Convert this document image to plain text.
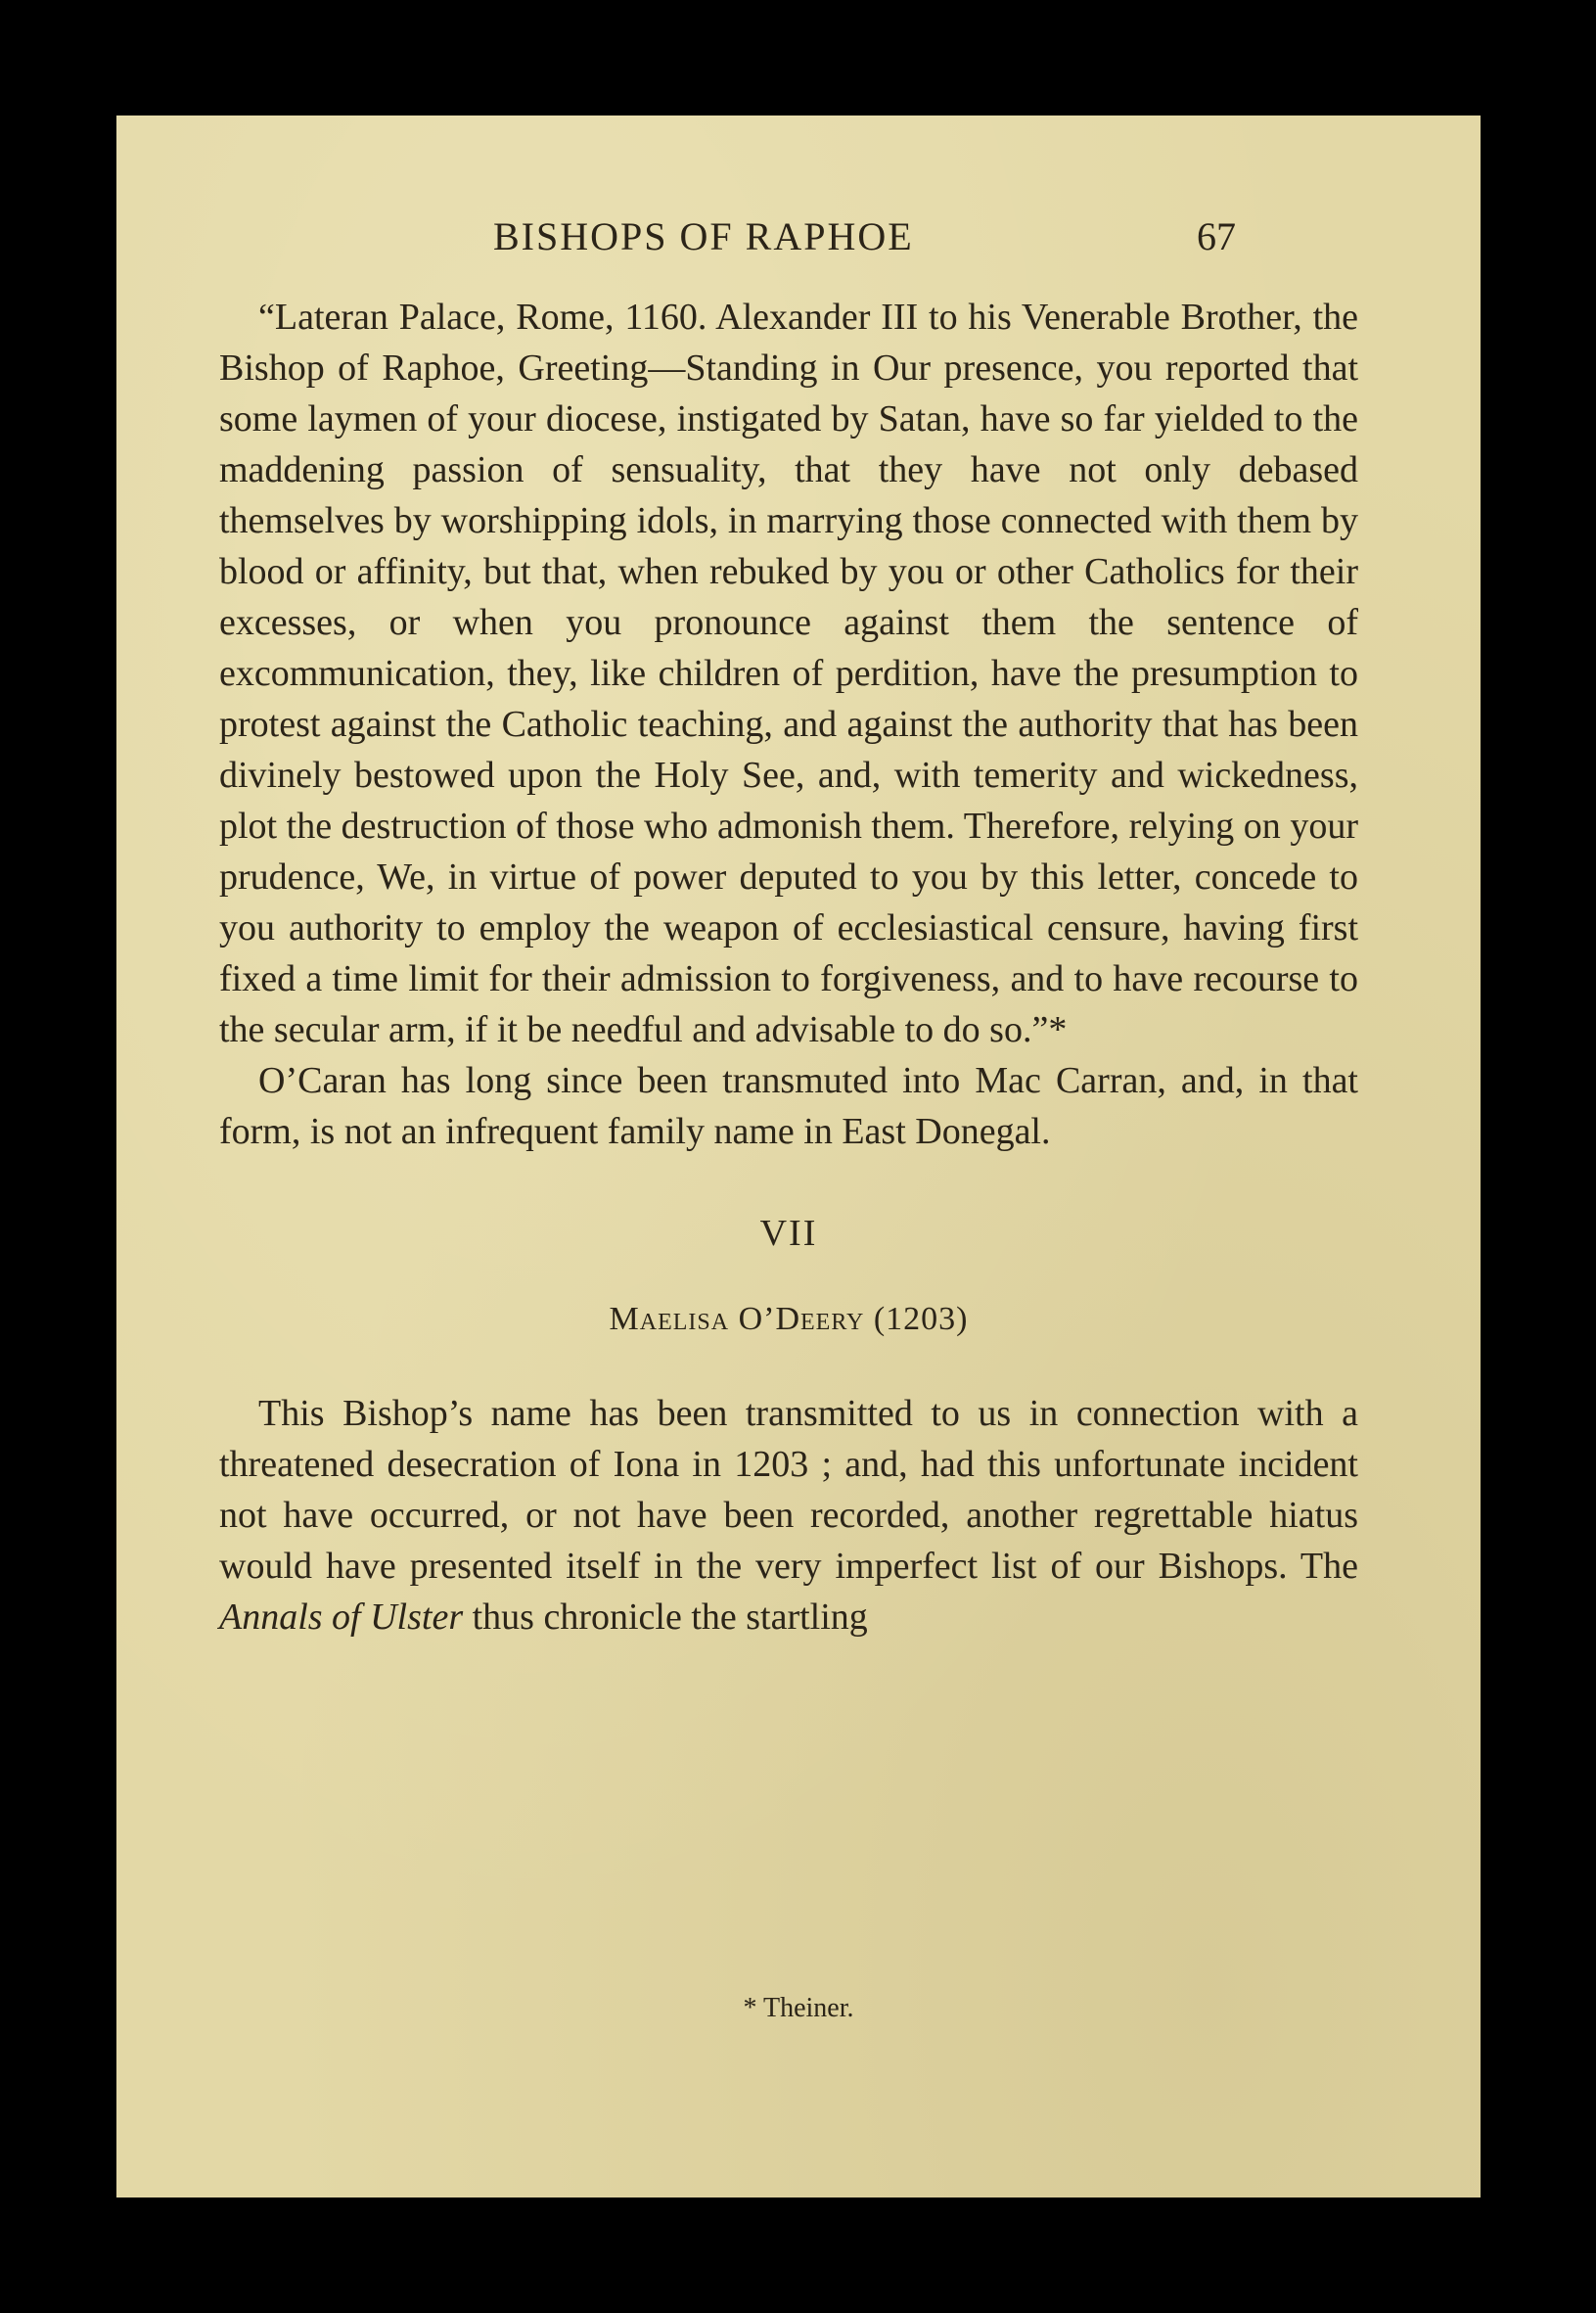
BISHOPS OF RAPHOE	67

“Lateran Palace, Rome, 1160. Alexander III to his Venerable Brother, the Bishop of Raphoe, Greeting—Standing in Our presence, you reported that some laymen of your diocese, instigated by Satan, have so far yielded to the maddening passion of sensuality, that they have not only debased themselves by worshipping idols, in marrying those connected with them by blood or affinity, but that, when rebuked by you or other Catholics for their excesses, or when you pronounce against them the sentence of excommunication, they, like children of perdition, have the presumption to protest against the Catholic teaching, and against the authority that has been divinely bestowed upon the Holy See, and, with temerity and wickedness, plot the destruction of those who admonish them. Therefore, relying on your prudence, We, in virtue of power deputed to you by this letter, concede to you authority to employ the weapon of ecclesiastical censure, having first fixed a time limit for their admission to forgiveness, and to have recourse to the secular arm, if it be needful and advisable to do so.”*

O’Caran has long since been transmuted into Mac Carran, and, in that form, is not an infrequent family name in East Donegal.

VII

Maelisa O’Deery (1203)

This Bishop’s name has been transmitted to us in connection with a threatened desecration of Iona in 1203 ; and, had this unfortunate incident not have occurred, or not have been recorded, another regrettable hiatus would have presented itself in the very imperfect list of our Bishops. The Annals of Ulster thus chronicle the startling

* Theiner.
